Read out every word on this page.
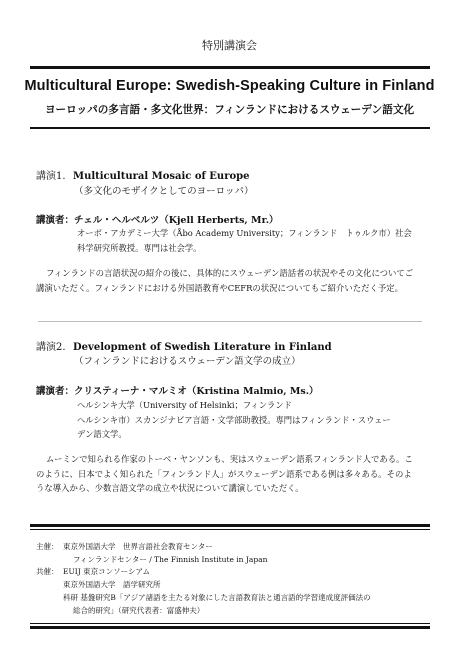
特別講演会
Multicultural Europe: Swedish-Speaking Culture in Finland
ヨーロッパの多言語・多文化世界：フィンランドにおけるスウェーデン語文化
講演1. Multicultural Mosaic of Europe
（多文化のモザイクとしてのヨーロッパ）
講演者：チェル・ヘルベルツ（Kjell Herberts, Mr.）
オーボ・アカデミー大学（Åbo Academy University；フィンランド　トゥルク市）社会
科学研究所教授。専門は社会学。
フィンランドの言語状況の紹介の後に、具体的にスウェーデン語話者の状況やその文化についてご講演いただく。フィンランドにおける外国語教育やCEFRの状況についてもご紹介いただく予定。
講演2. Development of Swedish Literature in Finland
（フィンランドにおけるスウェーデン語文学の成立）
講演者：クリスティーナ・マルミオ（Kristina Malmio, Ms.）
ヘルシンキ大学（University of Helsinki；フィンランド
ヘルシンキ市）スカンジナビア言語・文学部助教授。専門はフィンランド・スウェー
デン語文学。
ムーミンで知られる作家のトーベ・ヤンソンも、実はスウェーデン語系フィンランド人である。このように、日本でよく知られた「フィンランド人」がスウェーデン語系である例は多々ある。そのような導入から、少数言語文学の成立や状況について講演していただく。
主催： 東京外国語大学　世界言語社会教育センター
フィンランドセンター / The Finnish Institute in Japan
共催： EUIJ 東京コンソーシアム
東京外国語大学　語学研究所
科研 基盤研究B「アジア諸語を主たる対象にした言語教育法と通言語的学習達成度評価法の
総合的研究」（研究代表者：富盛伸夫）
